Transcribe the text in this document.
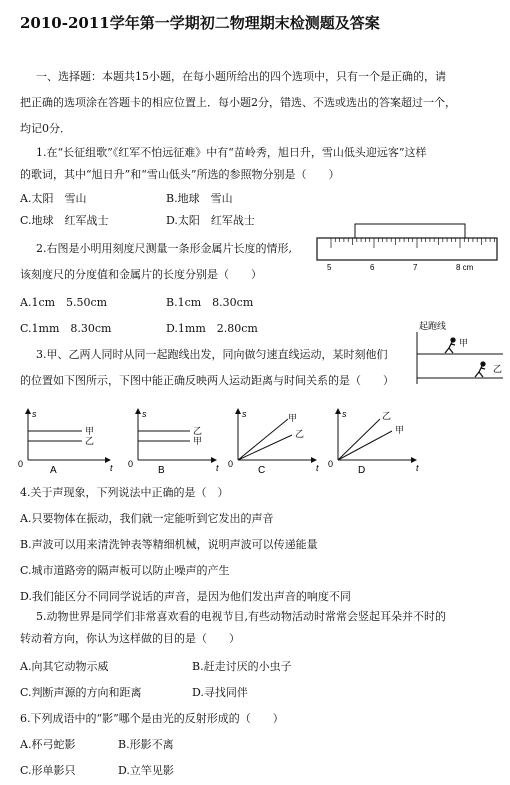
2010-2011学年第一学期初二物理期末检测题及答案
一、选择题：本题共15小题，在每小题所给出的四个选项中，只有一个是正确的，请
把正确的选项涂在答题卡的相应位置上．每小题2分，错选、不选或选出的答案超过一个，
均记0分．
1.在“长征组歌”《红军不怕远征难》中有“苗岭秀，旭日升，雪山低头迎远客”这样
的歌词，其中“旭日升”和“雪山低头”所选的参照物分别是（　　）
A.太阳　雪山	B.地球　雪山
C.地球　红军战士	D.太阳　红军战士
2.右图是小明用刻度尺测量一条形金属片长度的情形,
该刻度尺的分度值和金属片的长度分别是（　　）
5	6	7	8 cm
A.1cm　5.50cm	B.1cm　8.30cm
C.1mm　8.30cm	D.1mm　2.80cm	起跑线
甲
乙
3.甲、乙两人同时从同一起跑线出发，同向做匀速直线运动，某时刻他们
的位置如下图所示，下图中能正确反映两人运动距离与时间关系的是（　　）
s
t
0
甲
乙
A
s
t
0
乙
甲
B
s
t
0
甲
乙
C
s
t
0
乙
甲
D
4.关于声现象，下列说法中正确的是（　）
A.只要物体在振动，我们就一定能听到它发出的声音
B.声波可以用来清洗钟表等精细机械，说明声波可以传递能量
C.城市道路旁的隔声板可以防止噪声的产生
D.我们能区分不同同学说话的声音，是因为他们发出声音的响度不同
5.动物世界是同学们非常喜欢看的电视节目,有些动物活动时常常会竖起耳朵并不时的
转动着方向，你认为这样做的目的是（　　）
A.向其它动物示威	B.赶走讨厌的小虫子
C.判断声源的方向和距离	D.寻找同伴
6.下列成语中的“影”哪个是由光的反射形成的（　　）
A.杯弓蛇影	B.形影不离
C.形单影只	D.立竿见影
